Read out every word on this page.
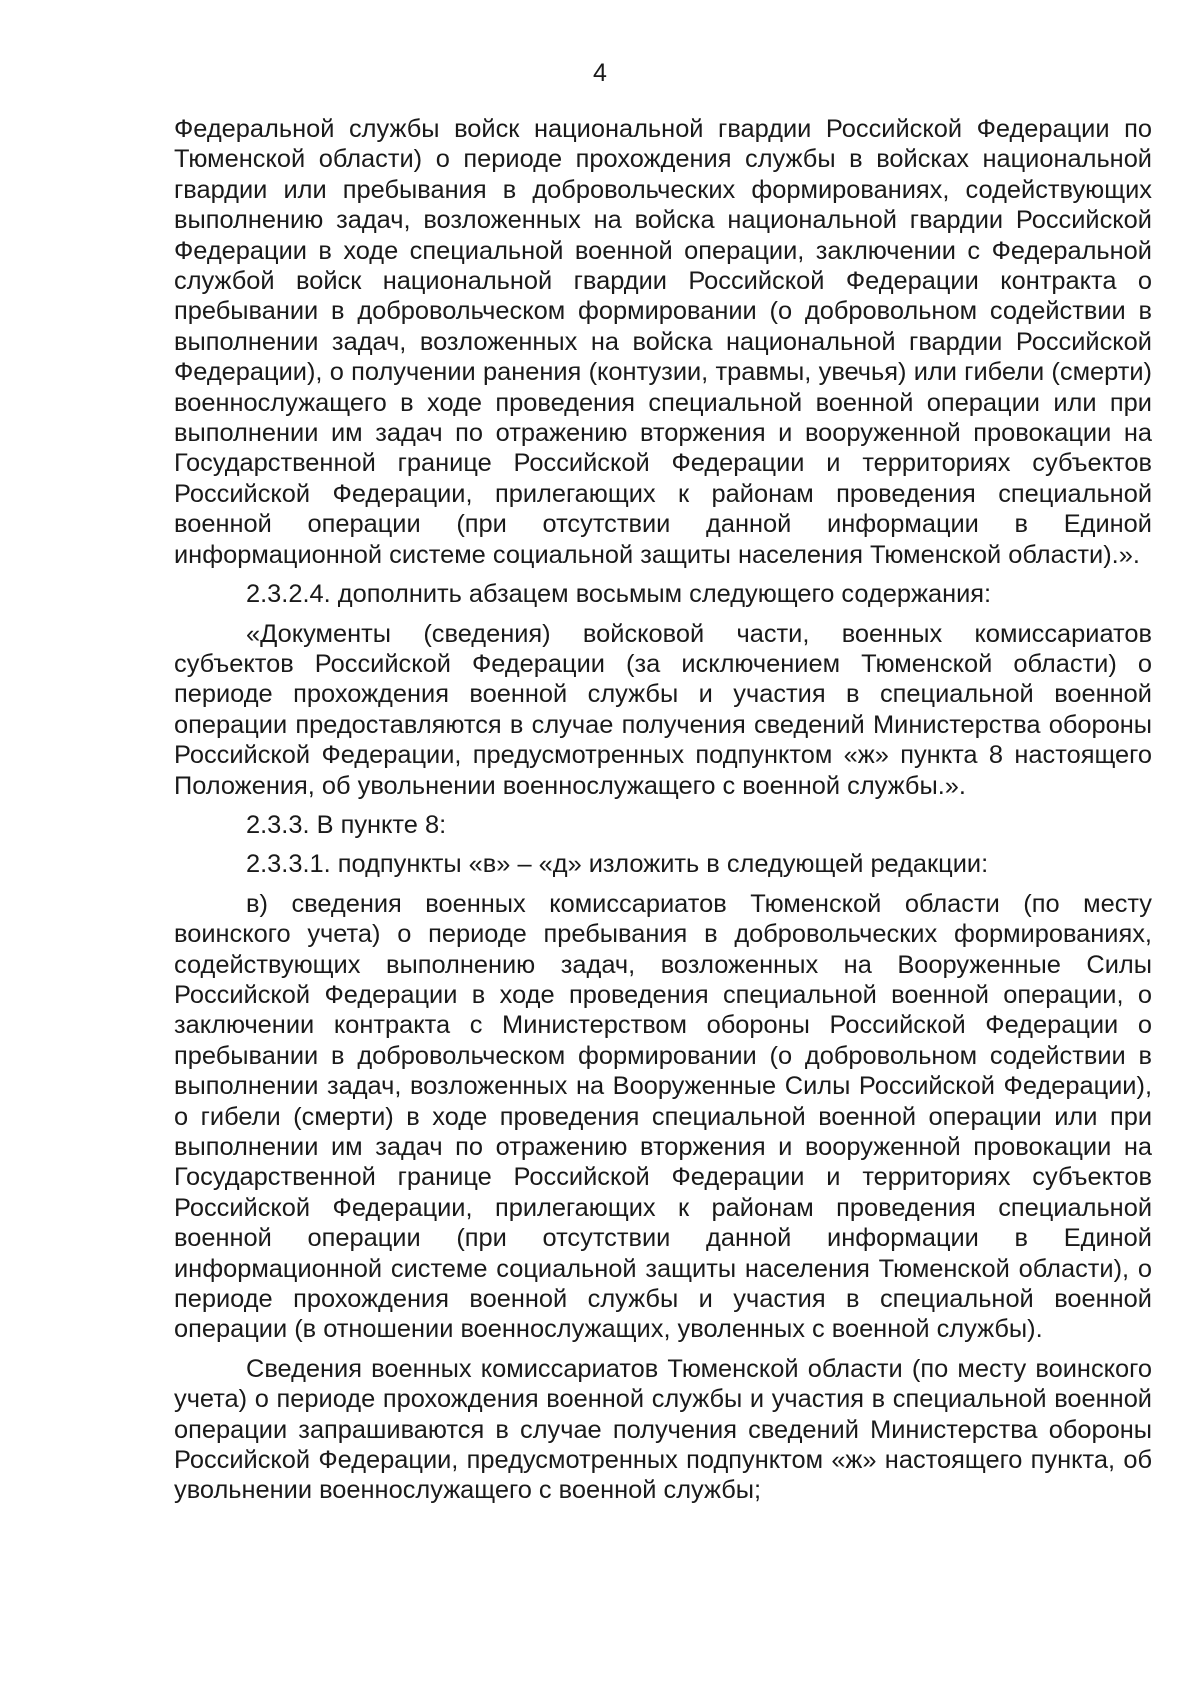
4

Федеральной службы войск национальной гвардии Российской Федерации по Тюменской области) о периоде прохождения службы в войсках национальной гвардии или пребывания в добровольческих формированиях, содействующих выполнению задач, возложенных на войска национальной гвардии Российской Федерации в ходе специальной военной операции, заключении с Федеральной службой войск национальной гвардии Российской Федерации контракта о пребывании в добровольческом формировании (о добровольном содействии в выполнении задач, возложенных на войска национальной гвардии Российской Федерации), о получении ранения (контузии, травмы, увечья) или гибели (смерти) военнослужащего в ходе проведения специальной военной операции или при выполнении им задач по отражению вторжения и вооруженной провокации на Государственной границе Российской Федерации и территориях субъектов Российской Федерации, прилегающих к районам проведения специальной военной операции (при отсутствии данной информации в Единой информационной системе социальной защиты населения Тюменской области).».

2.3.2.4. дополнить абзацем восьмым следующего содержания:

«Документы (сведения) войсковой части, военных комиссариатов субъектов Российской Федерации (за исключением Тюменской области) о периоде прохождения военной службы и участия в специальной военной операции предоставляются в случае получения сведений Министерства обороны Российской Федерации, предусмотренных подпунктом «ж» пункта 8 настоящего Положения, об увольнении военнослужащего с военной службы.».

2.3.3. В пункте 8:

2.3.3.1. подпункты «в» – «д» изложить в следующей редакции:

в) сведения военных комиссариатов Тюменской области (по месту воинского учета) о периоде пребывания в добровольческих формированиях, содействующих выполнению задач, возложенных на Вооруженные Силы Российской Федерации в ходе проведения специальной военной операции, о заключении контракта с Министерством обороны Российской Федерации о пребывании в добровольческом формировании (о добровольном содействии в выполнении задач, возложенных на Вооруженные Силы Российской Федерации), о гибели (смерти) в ходе проведения специальной военной операции или при выполнении им задач по отражению вторжения и вооруженной провокации на Государственной границе Российской Федерации и территориях субъектов Российской Федерации, прилегающих к районам проведения специальной военной операции (при отсутствии данной информации в Единой информационной системе социальной защиты населения Тюменской области), о периоде прохождения военной службы и участия в специальной военной операции (в отношении военнослужащих, уволенных с военной службы).

Сведения военных комиссариатов Тюменской области (по месту воинского учета) о периоде прохождения военной службы и участия в специальной военной операции запрашиваются в случае получения сведений Министерства обороны Российской Федерации, предусмотренных подпунктом «ж» настоящего пункта, об увольнении военнослужащего с военной службы;
